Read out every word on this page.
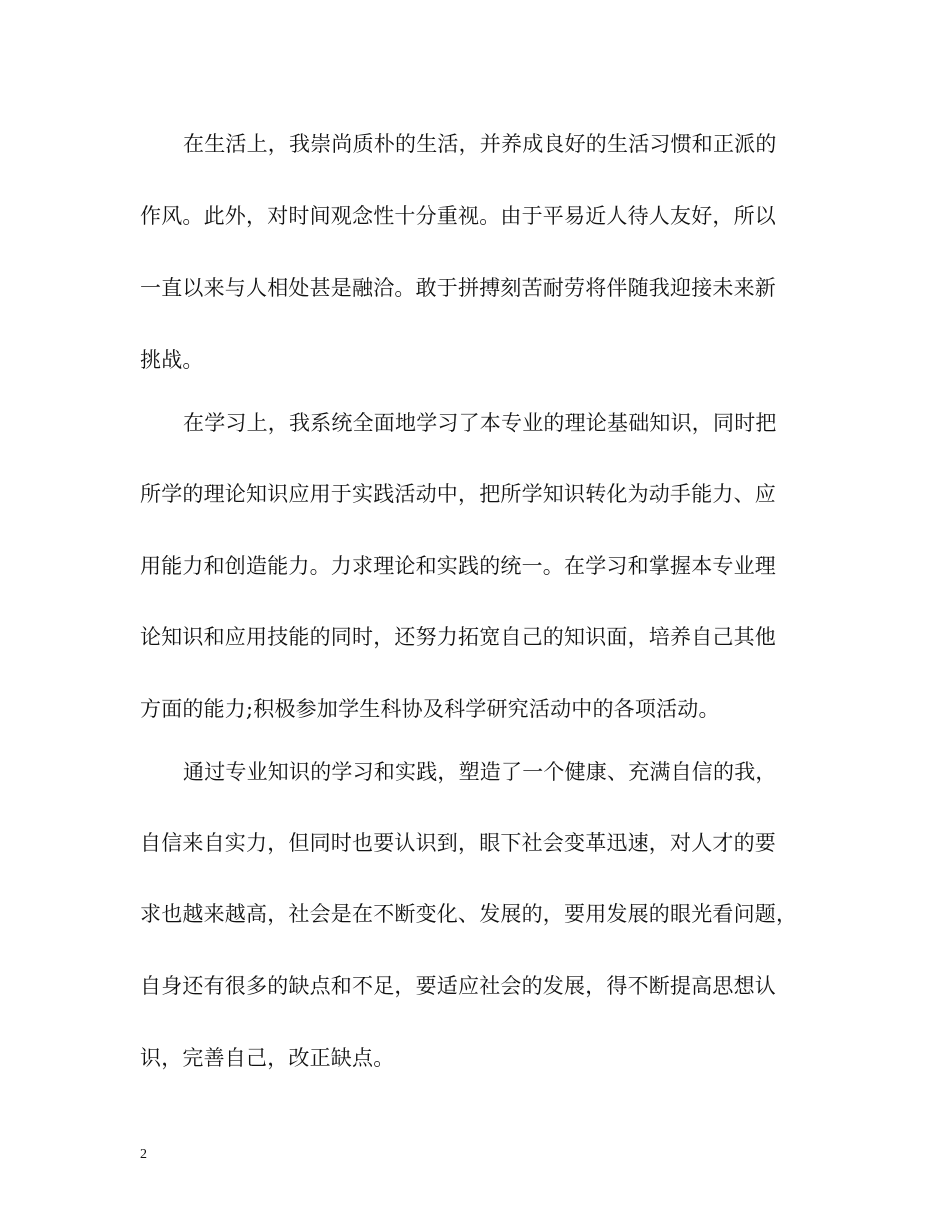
在生活上，我崇尚质朴的生活，并养成良好的生活习惯和正派的
作风。此外，对时间观念性十分重视。由于平易近人待人友好，所以
一直以来与人相处甚是融洽。敢于拼搏刻苦耐劳将伴随我迎接未来新
挑战。
在学习上，我系统全面地学习了本专业的理论基础知识，同时把
所学的理论知识应用于实践活动中，把所学知识转化为动手能力、应
用能力和创造能力。力求理论和实践的统一。在学习和掌握本专业理
论知识和应用技能的同时，还努力拓宽自己的知识面，培养自己其他
方面的能力;积极参加学生科协及科学研究活动中的各项活动。
通过专业知识的学习和实践，塑造了一个健康、充满自信的我，
自信来自实力，但同时也要认识到，眼下社会变革迅速，对人才的要
求也越来越高，社会是在不断变化、发展的，要用发展的眼光看问题，
自身还有很多的缺点和不足，要适应社会的发展，得不断提高思想认
识，完善自己，改正缺点。
2
